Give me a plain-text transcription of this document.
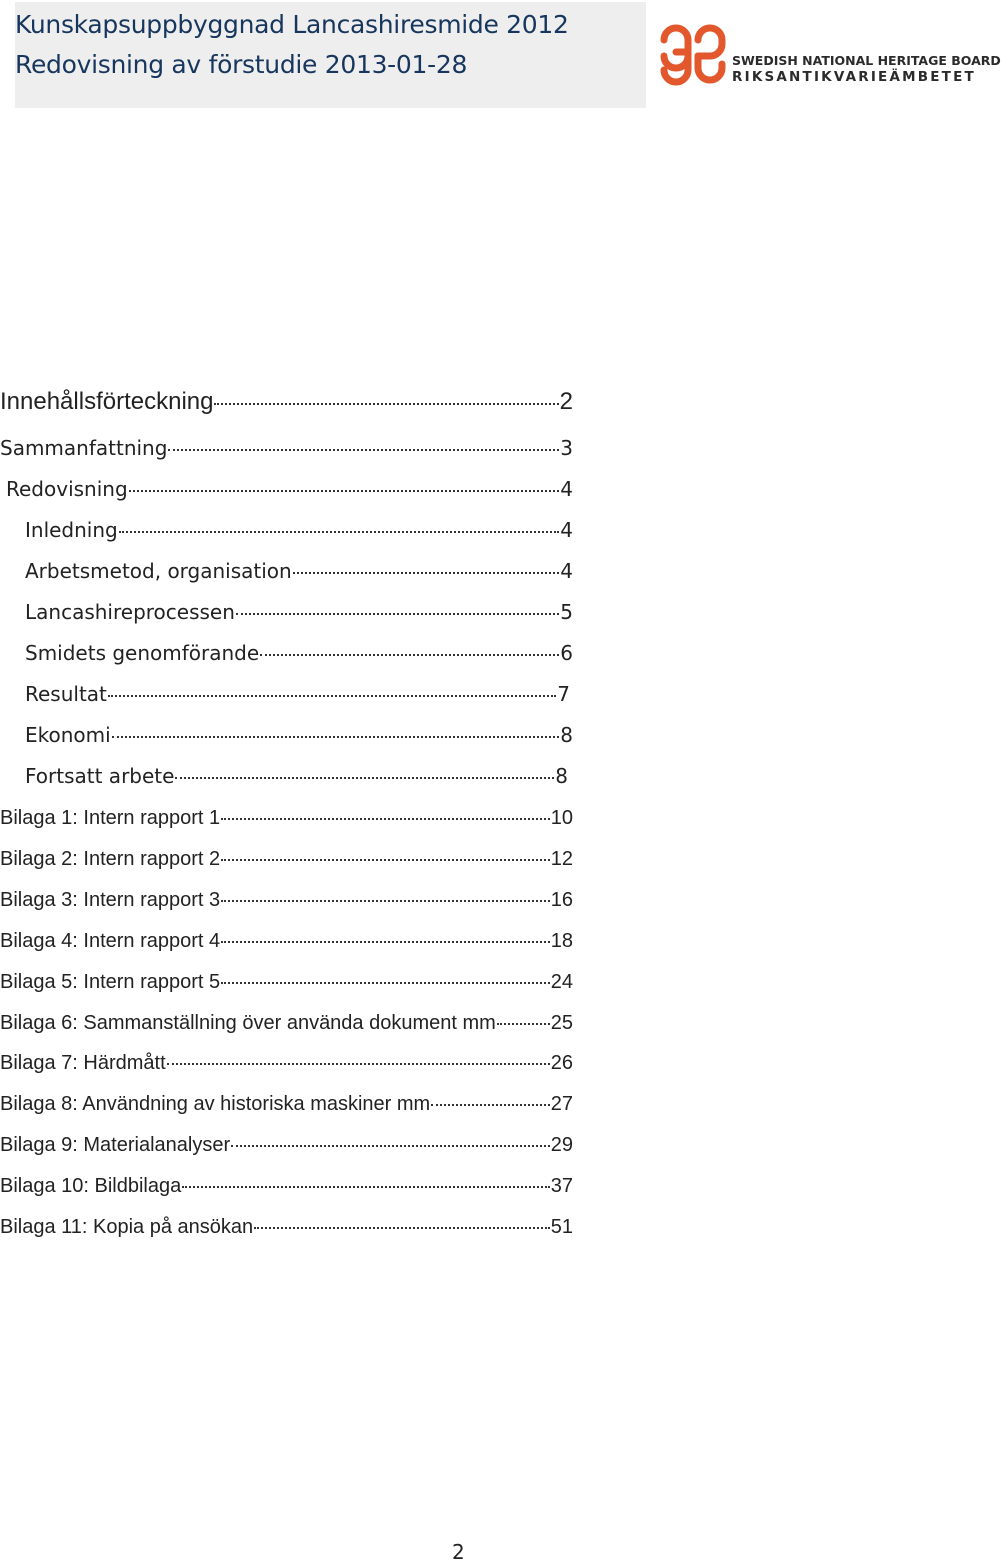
Kunskapsuppbyggnad Lancashiresmide 2012
Redovisning av förstudie 2013-01-28	SWEDISH NATIONAL HERITAGE BOARD
RIKSANTIKVARIEÄMBETET
Innehållsförteckning	2
Sammanfattning	3
Redovisning	4
Inledning	4
Arbetsmetod, organisation	4
Lancashireprocessen	5
Smidets genomförande	6
Resultat	7
Ekonomi	8
Fortsatt arbete	8
Bilaga 1: Intern rapport 1	10
Bilaga 2: Intern rapport 2	12
Bilaga 3: Intern rapport 3	16
Bilaga 4: Intern rapport 4	18
Bilaga 5: Intern rapport 5	24
Bilaga 6: Sammanställning över använda dokument mm	25
Bilaga 7: Härdmått	26
Bilaga 8: Användning av historiska maskiner mm	27
Bilaga 9: Materialanalyser	29
Bilaga 10: Bildbilaga	37
Bilaga 11: Kopia på ansökan	51
2
